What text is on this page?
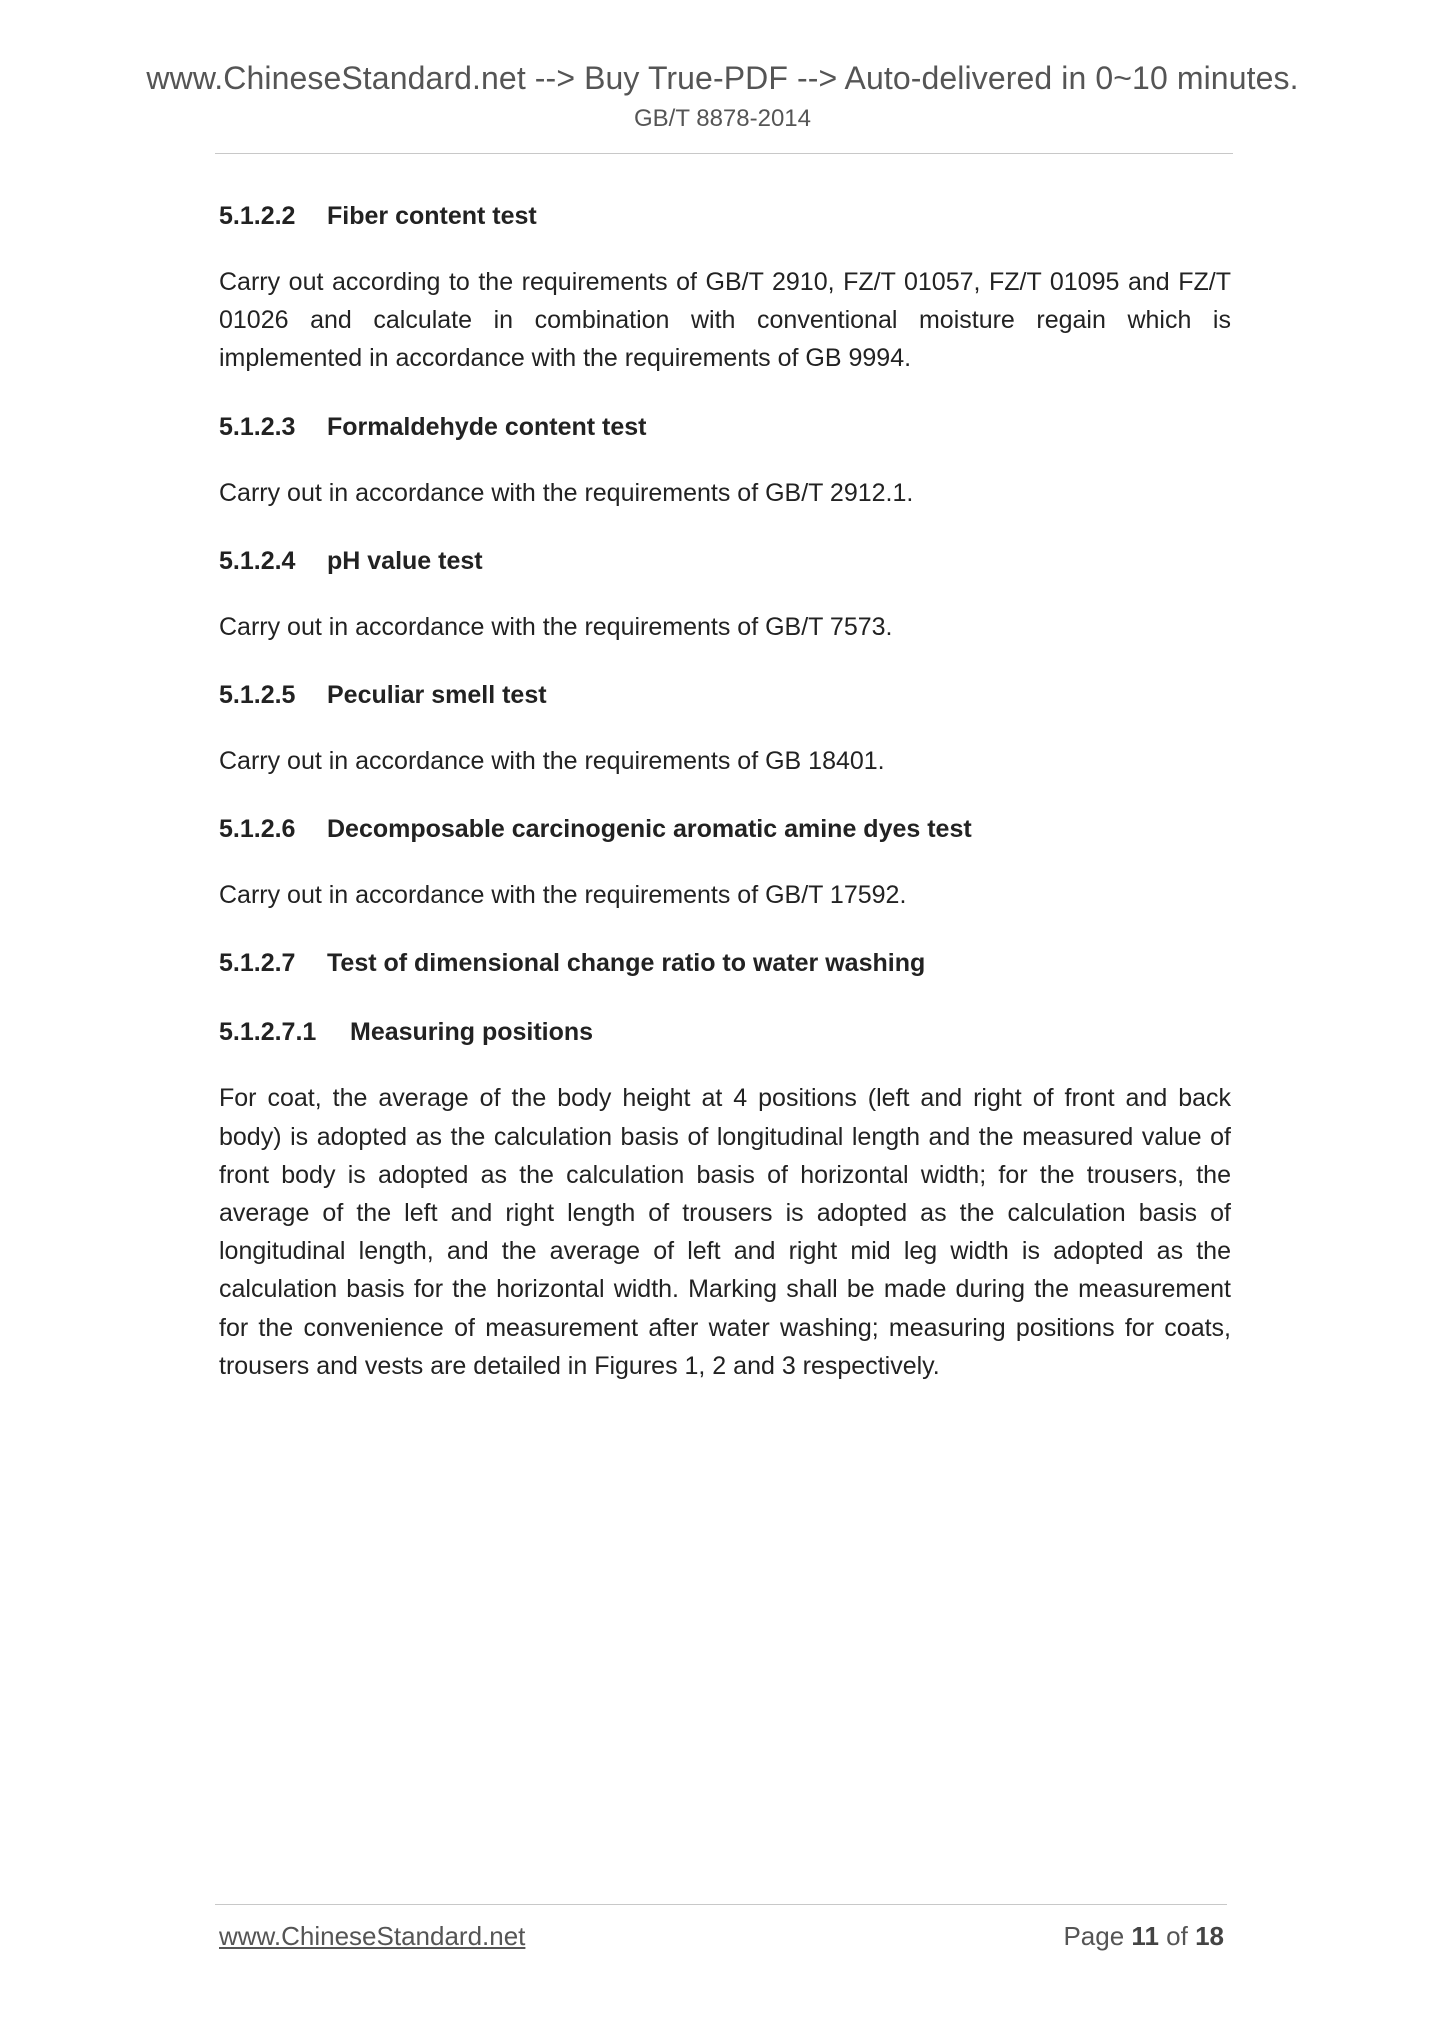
www.ChineseStandard.net --> Buy True-PDF --> Auto-delivered in 0~10 minutes.
GB/T 8878-2014
5.1.2.2 Fiber content test

Carry out according to the requirements of GB/T 2910, FZ/T 01057, FZ/T 01095 and FZ/T 01026 and calculate in combination with conventional moisture regain which is implemented in accordance with the requirements of GB 9994.

5.1.2.3 Formaldehyde content test

Carry out in accordance with the requirements of GB/T 2912.1.

5.1.2.4 pH value test

Carry out in accordance with the requirements of GB/T 7573.

5.1.2.5 Peculiar smell test

Carry out in accordance with the requirements of GB 18401.

5.1.2.6 Decomposable carcinogenic aromatic amine dyes test

Carry out in accordance with the requirements of GB/T 17592.

5.1.2.7 Test of dimensional change ratio to water washing
5.1.2.7.1 Measuring positions

For coat, the average of the body height at 4 positions (left and right of front and back body) is adopted as the calculation basis of longitudinal length and the measured value of front body is adopted as the calculation basis of horizontal width; for the trousers, the average of the left and right length of trousers is adopted as the calculation basis of longitudinal length, and the average of left and right mid leg width is adopted as the calculation basis for the horizontal width. Marking shall be made during the measurement for the convenience of measurement after water washing; measuring positions for coats, trousers and vests are detailed in Figures 1, 2 and 3 respectively.

www.ChineseStandard.net	Page 11 of 18
